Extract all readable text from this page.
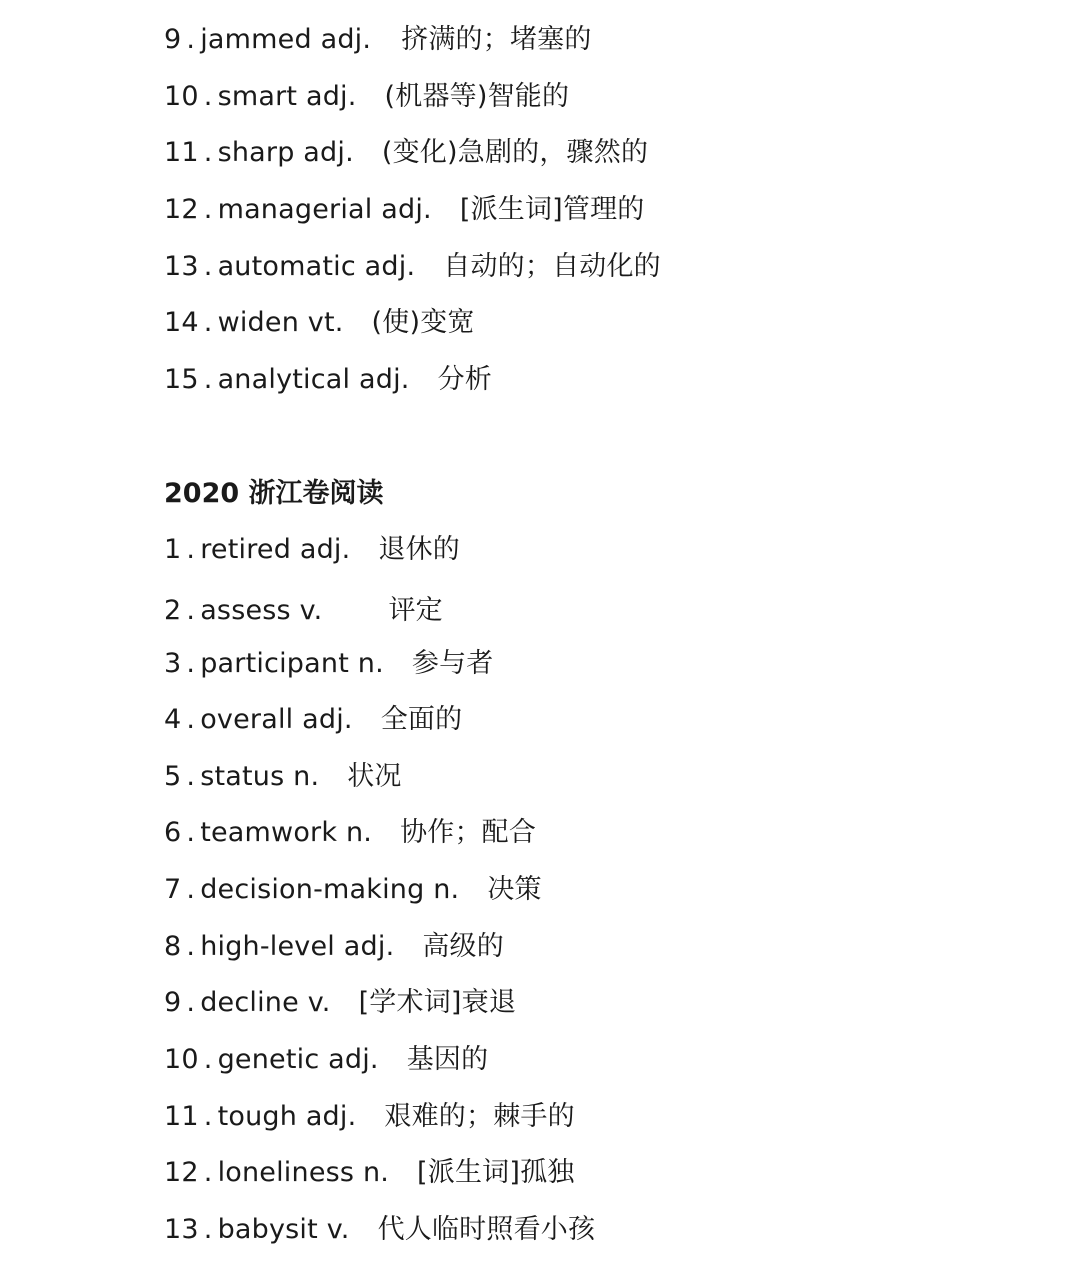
9 . jammed adj. 挤满的；堵塞的
10 . smart adj. (机器等)智能的
11 . sharp adj. (变化)急剧的，骤然的
12 . managerial adj. [派生词]管理的
13 . automatic adj. 自动的；自动化的
14 . widen vt. (使)变宽
15 . analytical adj. 分析
2020 浙江卷阅读
1 . retired adj. 退休的
2 . assess v. 评定
3 . participant n. 参与者
4 . overall adj. 全面的
5 . status n. 状况
6 . teamwork n. 协作；配合
7 . decision-making n. 决策
8 . high-level adj. 高级的
9 . decline v. [学术词]衰退
10 . genetic adj. 基因的
11 . tough adj. 艰难的；棘手的
12 . loneliness n. [派生词]孤独
13 . babysit v. 代人临时照看小孩
